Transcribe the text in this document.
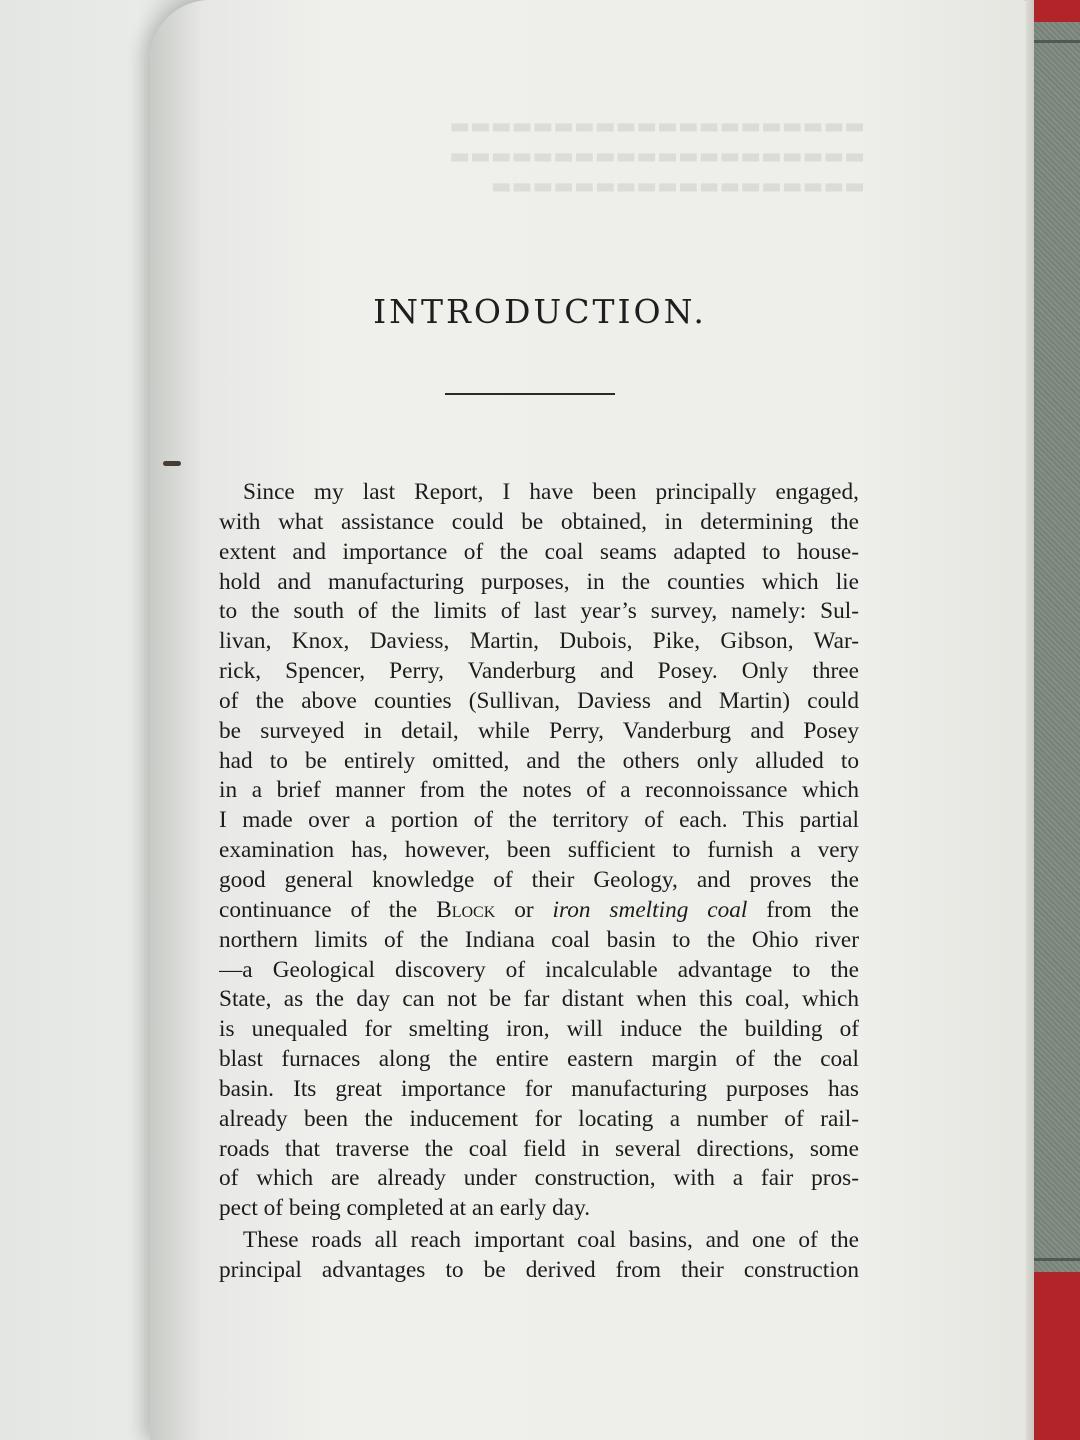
▬▬▬▬▬▬▬▬▬▬▬▬▬▬▬▬▬▬▬▬
▬▬▬▬▬▬▬▬▬▬▬▬▬▬▬▬▬▬▬▬
▬▬▬▬▬▬▬▬▬▬▬▬▬▬▬▬▬▬
INTRODUCTION.
Since my last Report, I have been principally engaged,
with what assistance could be obtained, in determining the
extent and importance of the coal seams adapted to house-
hold and manufacturing purposes, in the counties which lie
to the south of the limits of last year’s survey, namely: Sul-
livan, Knox, Daviess, Martin, Dubois, Pike, Gibson, War-
rick, Spencer, Perry, Vanderburg and Posey. Only three
of the above counties (Sullivan, Daviess and Martin) could
be surveyed in detail, while Perry, Vanderburg and Posey
had to be entirely omitted, and the others only alluded to
in a brief manner from the notes of a reconnoissance which
I made over a portion of the territory of each. This partial
examination has, however, been sufficient to furnish a very
good general knowledge of their Geology, and proves the
continuance of the Block or iron smelting coal from the
northern limits of the Indiana coal basin to the Ohio river
—a Geological discovery of incalculable advantage to the
State, as the day can not be far distant when this coal, which
is unequaled for smelting iron, will induce the building of
blast furnaces along the entire eastern margin of the coal
basin. Its great importance for manufacturing purposes has
already been the inducement for locating a number of rail-
roads that traverse the coal field in several directions, some
of which are already under construction, with a fair pros-
pect of being completed at an early day.
These roads all reach important coal basins, and one of the
principal advantages to be derived from their construction
